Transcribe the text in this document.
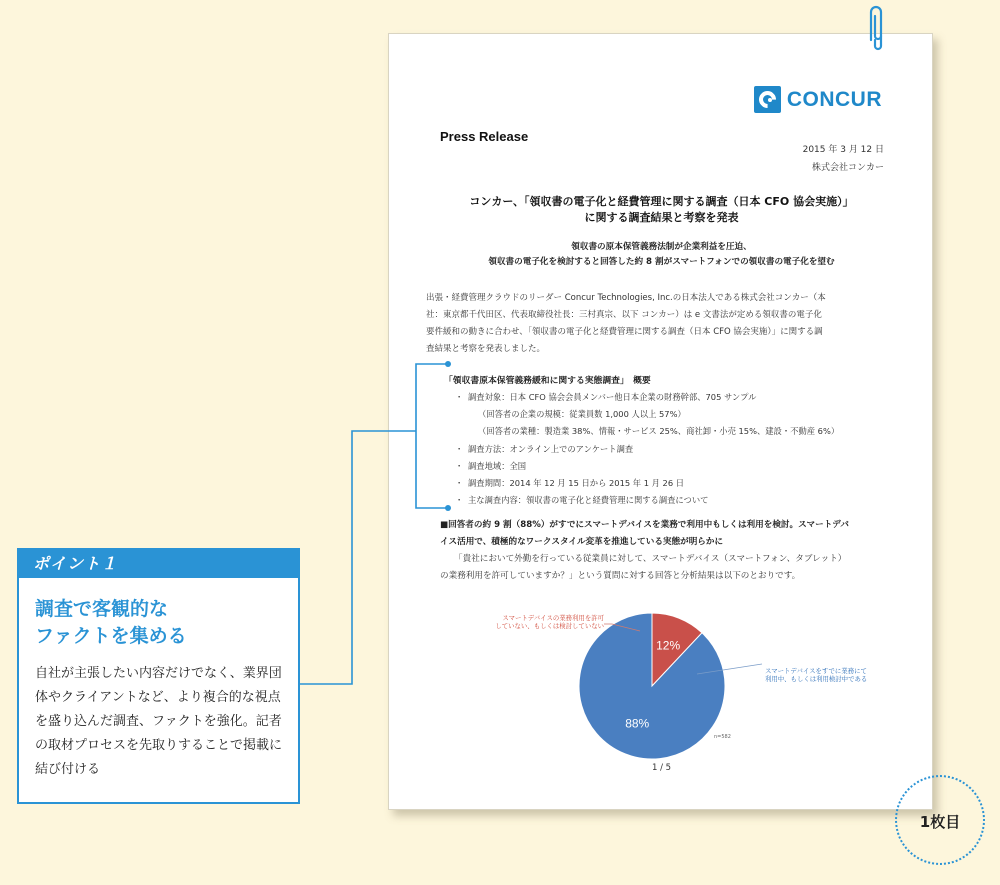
CONCUR
Press Release
2015 年 3 月 12 日
株式会社コンカー
コンカー、「領収書の電子化と経費管理に関する調査（日本 CFO 協会実施）」
に関する調査結果と考察を発表
領収書の原本保管義務法制が企業利益を圧迫、
領収書の電子化を検討すると回答した約 8 割がスマートフォンでの領収書の電子化を望む
出張・経費管理クラウドのリーダー Concur Technologies, Inc.の日本法人である株式会社コンカー（本
社：東京都千代田区、代表取締役社長：三村真宗、以下 コンカー）は e 文書法が定める領収書の電子化
要件緩和の動きに合わせ、「領収書の電子化と経費管理に関する調査（日本 CFO 協会実施）」に関する調
査結果と考察を発表しました。
「領収書原本保管義務緩和に関する実態調査」　概要
・ 調査対象：日本 CFO 協会会員メンバー他日本企業の財務幹部、705 サンプル
（回答者の企業の規模：従業員数 1,000 人以上 57%）
（回答者の業種：製造業 38%、情報・サービス 25%、商社卸・小売 15%、建設・不動産 6%）
・ 調査方法：オンライン上でのアンケート調査
・ 調査地域：全国
・ 調査期間：2014 年 12 月 15 日から 2015 年 1 月 26 日
・ 主な調査内容：領収書の電子化と経費管理に関する調査について
■回答者の約 9 割（88%）がすでにスマートデバイスを業務で利用中もしくは利用を検討。スマートデバ
イス活用で、積極的なワークスタイル変革を推進している実態が明らかに
「貴社において外勤を行っている従業員に対して、スマートデバイス（スマートフォン、タブレット）
の業務利用を許可していますか？」という質問に対する回答と分析結果は以下のとおりです。
12%
88%
スマートデバイスの業務利用を許可
していない、もしくは検討していない
スマートデバイスをすでに業務にて
利用中、もしくは利用検討中である
n=582
1 / 5
ポイント１
調査で客観的な
ファクトを集める
自社が主張したい内容だけでなく、業界団体やクライアントなど、より複合的な視点を盛り込んだ調査、ファクトを強化。記者の取材プロセスを先取りすることで掲載に結び付ける
1枚目
